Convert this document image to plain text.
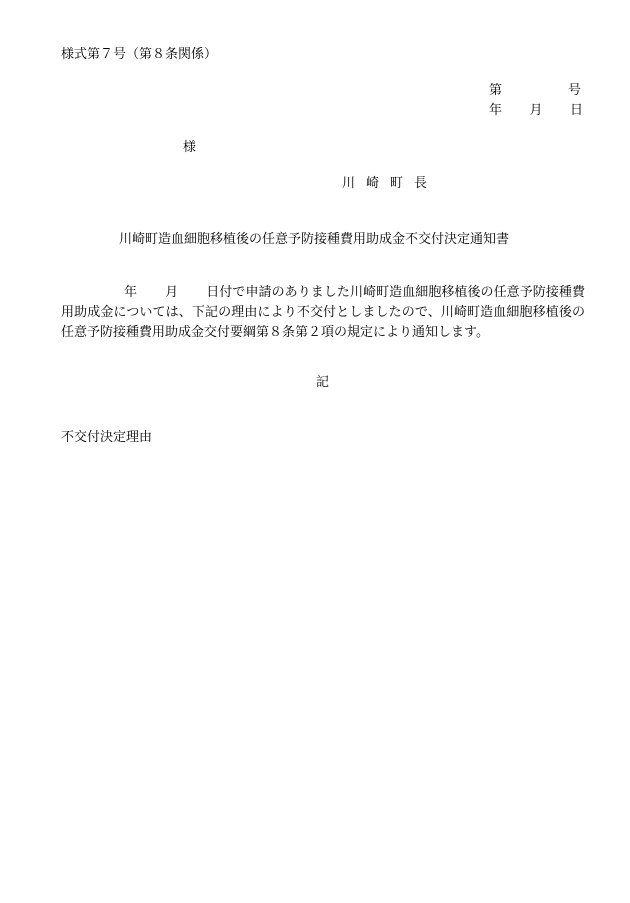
様式第７号（第８条関係）
第	号
年 月 日
様
川崎町長
川崎町造血細胞移植後の任意予防接種費用助成金不交付決定通知書
年 月 日付で申請のありました川崎町造血細胞移植後の任意予防接種費用助成金については、下記の理由により不交付としましたので、川崎町造血細胞移植後の任意予防接種費用助成金交付要綱第８条第２項の規定により通知します。
記
不交付決定理由
